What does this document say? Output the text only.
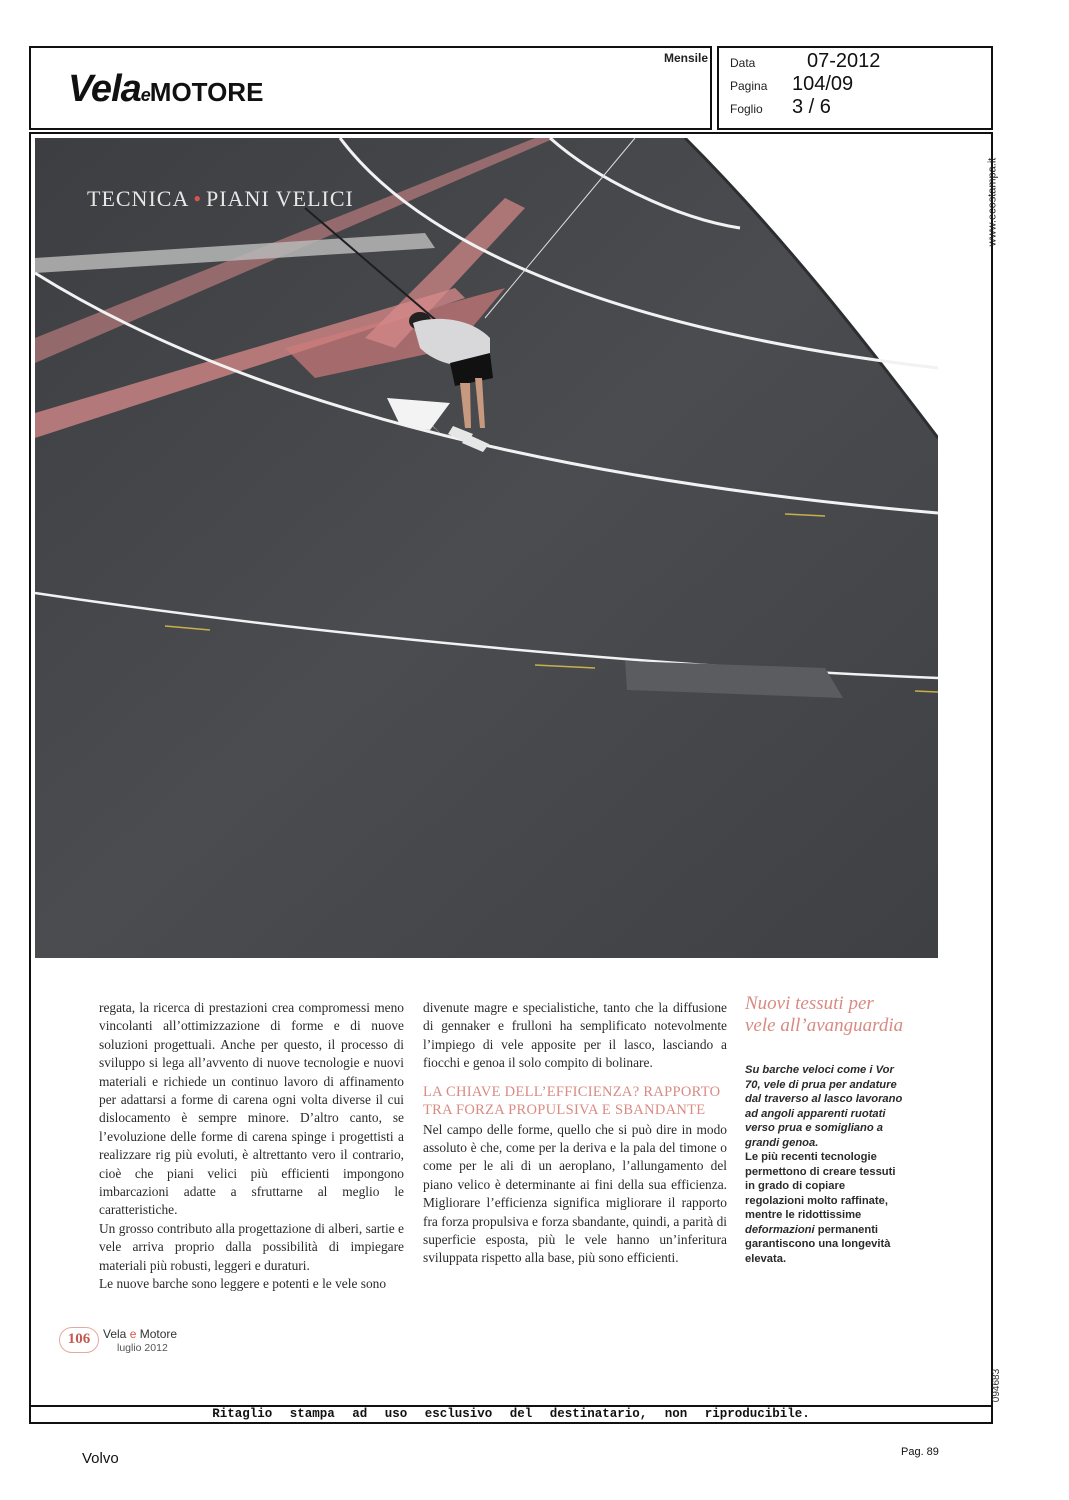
VelaeMOTORE
Mensile Data	07-2012
Pagina 104/09
Foglio 3 / 6
www.ecostampa.it
094683
TECNICA • PIANI VELICI

regata, la ricerca di prestazioni crea compromessi meno vincolanti all’ottimizzazione di forme e di nuove soluzioni progettuali. Anche per questo, il processo di sviluppo si lega all’avvento di nuove tecnologie e nuovi materiali e richiede un continuo lavoro di affinamento per adattarsi a forme di carena ogni volta diverse il cui dislocamento è sempre minore. D’altro canto, se l’evoluzione delle forme di carena spinge i progettisti a realizzare rig più evoluti, è altrettanto vero il contrario, cioè che piani velici più efficienti impongono imbarcazioni adatte a sfruttarne al meglio le caratteristiche.

Un grosso contributo alla progettazione di alberi, sartie e vele arriva proprio dalla possibilità di impiegare materiali più robusti, leggeri e duraturi.

Le nuove barche sono leggere e potenti e le vele sono

divenute magre e specialistiche, tanto che la diffusione di gennaker e frulloni ha semplificato notevolmente l’impiego di vele apposite per il lasco, lasciando a fiocchi e genoa il solo compito di bolinare.

LA CHIAVE DELL’EFFICIENZA? RAPPORTO TRA FORZA PROPULSIVA E SBANDANTE

Nel campo delle forme, quello che si può dire in modo assoluto è che, come per la deriva e la pala del timone o come per le ali di un aeroplano, l’allungamento del piano velico è determinante ai fini della sua efficienza. Migliorare l’efficienza significa migliorare il rapporto fra forza propulsiva e forza sbandante, quindi, a parità di superficie esposta, più le vele hanno un’inferitura sviluppata rispetto alla base, più sono efficienti.

Nuovi tessuti per vele all’avanguardia
Su barche veloci come i Vor 70, vele di prua per andature dal traverso al lasco lavorano ad angoli apparenti ruotati verso prua e somigliano a grandi genoa.
Le più recenti tecnologie permettono di creare tessuti in grado di copiare regolazioni molto raffinate, mentre le ridottissime deformazioni permanenti garantiscono una longevità elevata.
106	Vela e Motore
luglio 2012
Ritaglio stampa ad uso esclusivo del destinatario, non riproducibile.
Volvo	Pag. 89
